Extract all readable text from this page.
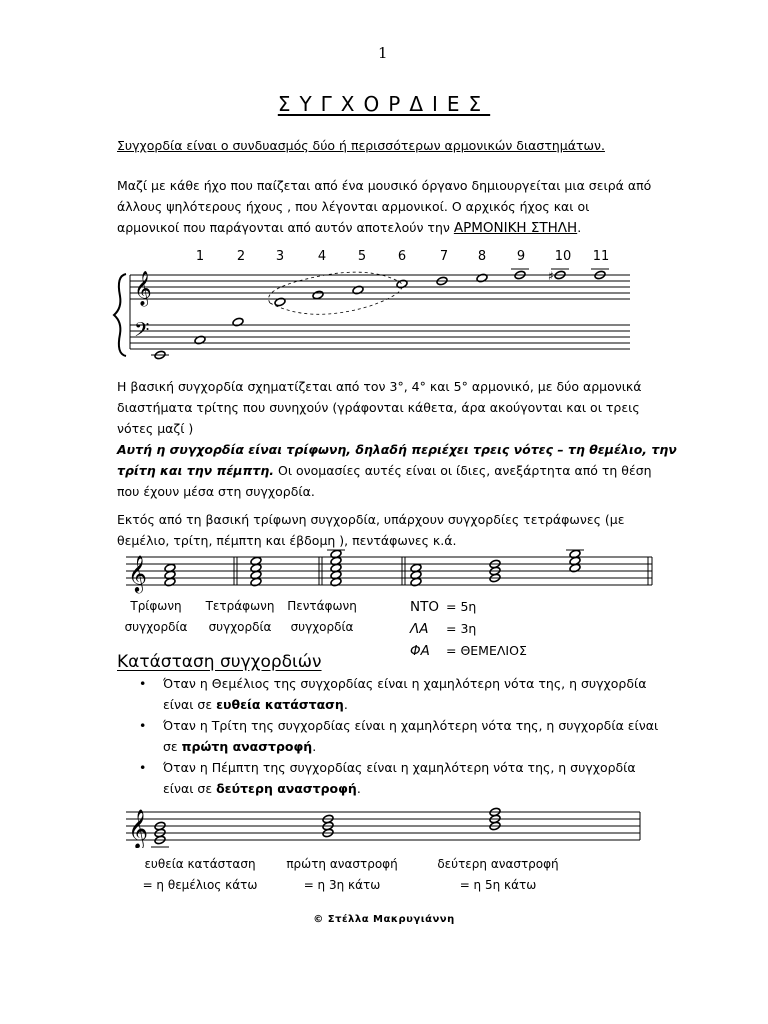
1
ΣΥΓΧΟΡΔΙΕΣ
Συγχορδία είναι ο συνδυασμός δύο ή περισσότερων αρμονικών διαστημάτων.
Μαζί με κάθε ήχο που παίζεται από ένα μουσικό όργανο δημιουργείται μια σειρά από
άλλους ψηλότερους ήχους , που λέγονται αρμονικοί. Ο αρχικός ήχος και οι
αρμονικοί που παράγονται από αυτόν αποτελούν την ΑΡΜΟΝΙΚΗ ΣΤΗΛΗ.
1	2 3	4 5 6	7 8 9 10 11
𝄞
𝄢
♯
Η βασική συγχορδία σχηματίζεται από τον 3°, 4° και 5° αρμονικό, με δύο αρμονικά
διαστήματα τρίτης που συνηχούν (γράφονται κάθετα, άρα ακούγονται και οι τρεις
νότες μαζί )
Αυτή η συγχορδία είναι τρίφωνη, δηλαδή περιέχει τρεις νότες – τη θεμέλιο, την
τρίτη και την πέμπτη. Οι ονομασίες αυτές είναι οι ίδιες, ανεξάρτητα από τη θέση
που έχουν μέσα στη συγχορδία.
Εκτός από τη βασική τρίφωνη συγχορδία, υπάρχουν συγχορδίες τετράφωνες (με
θεμέλιο, τρίτη, πέμπτη και έβδομη ), πεντάφωνες κ.ά.
𝄞
Τρίφωνη
συγχορδία
Τετράφωνη
συγχορδία
Πεντάφωνη
συγχορδία
ΝΤΟ = 5η
ΛΑ = 3η
ΦΑ = ΘΕΜΕΛΙΟΣ
Κατάσταση συγχορδιών
• Όταν η Θεμέλιος της συγχορδίας είναι η χαμηλότερη νότα της, η συγχορδία
είναι σε ευθεία κατάσταση.
• Όταν η Τρίτη της συγχορδίας είναι η χαμηλότερη νότα της, η συγχορδία είναι
σε πρώτη αναστροφή.
• Όταν η Πέμπτη της συγχορδίας είναι η χαμηλότερη νότα της, η συγχορδία
είναι σε δεύτερη αναστροφή.
𝄞
ευθεία κατάσταση
= η θεμέλιος κάτω
πρώτη αναστροφή
= η 3η κάτω
δεύτερη αναστροφή
= η 5η κάτω
© Στέλλα Μακρυγιάννη
